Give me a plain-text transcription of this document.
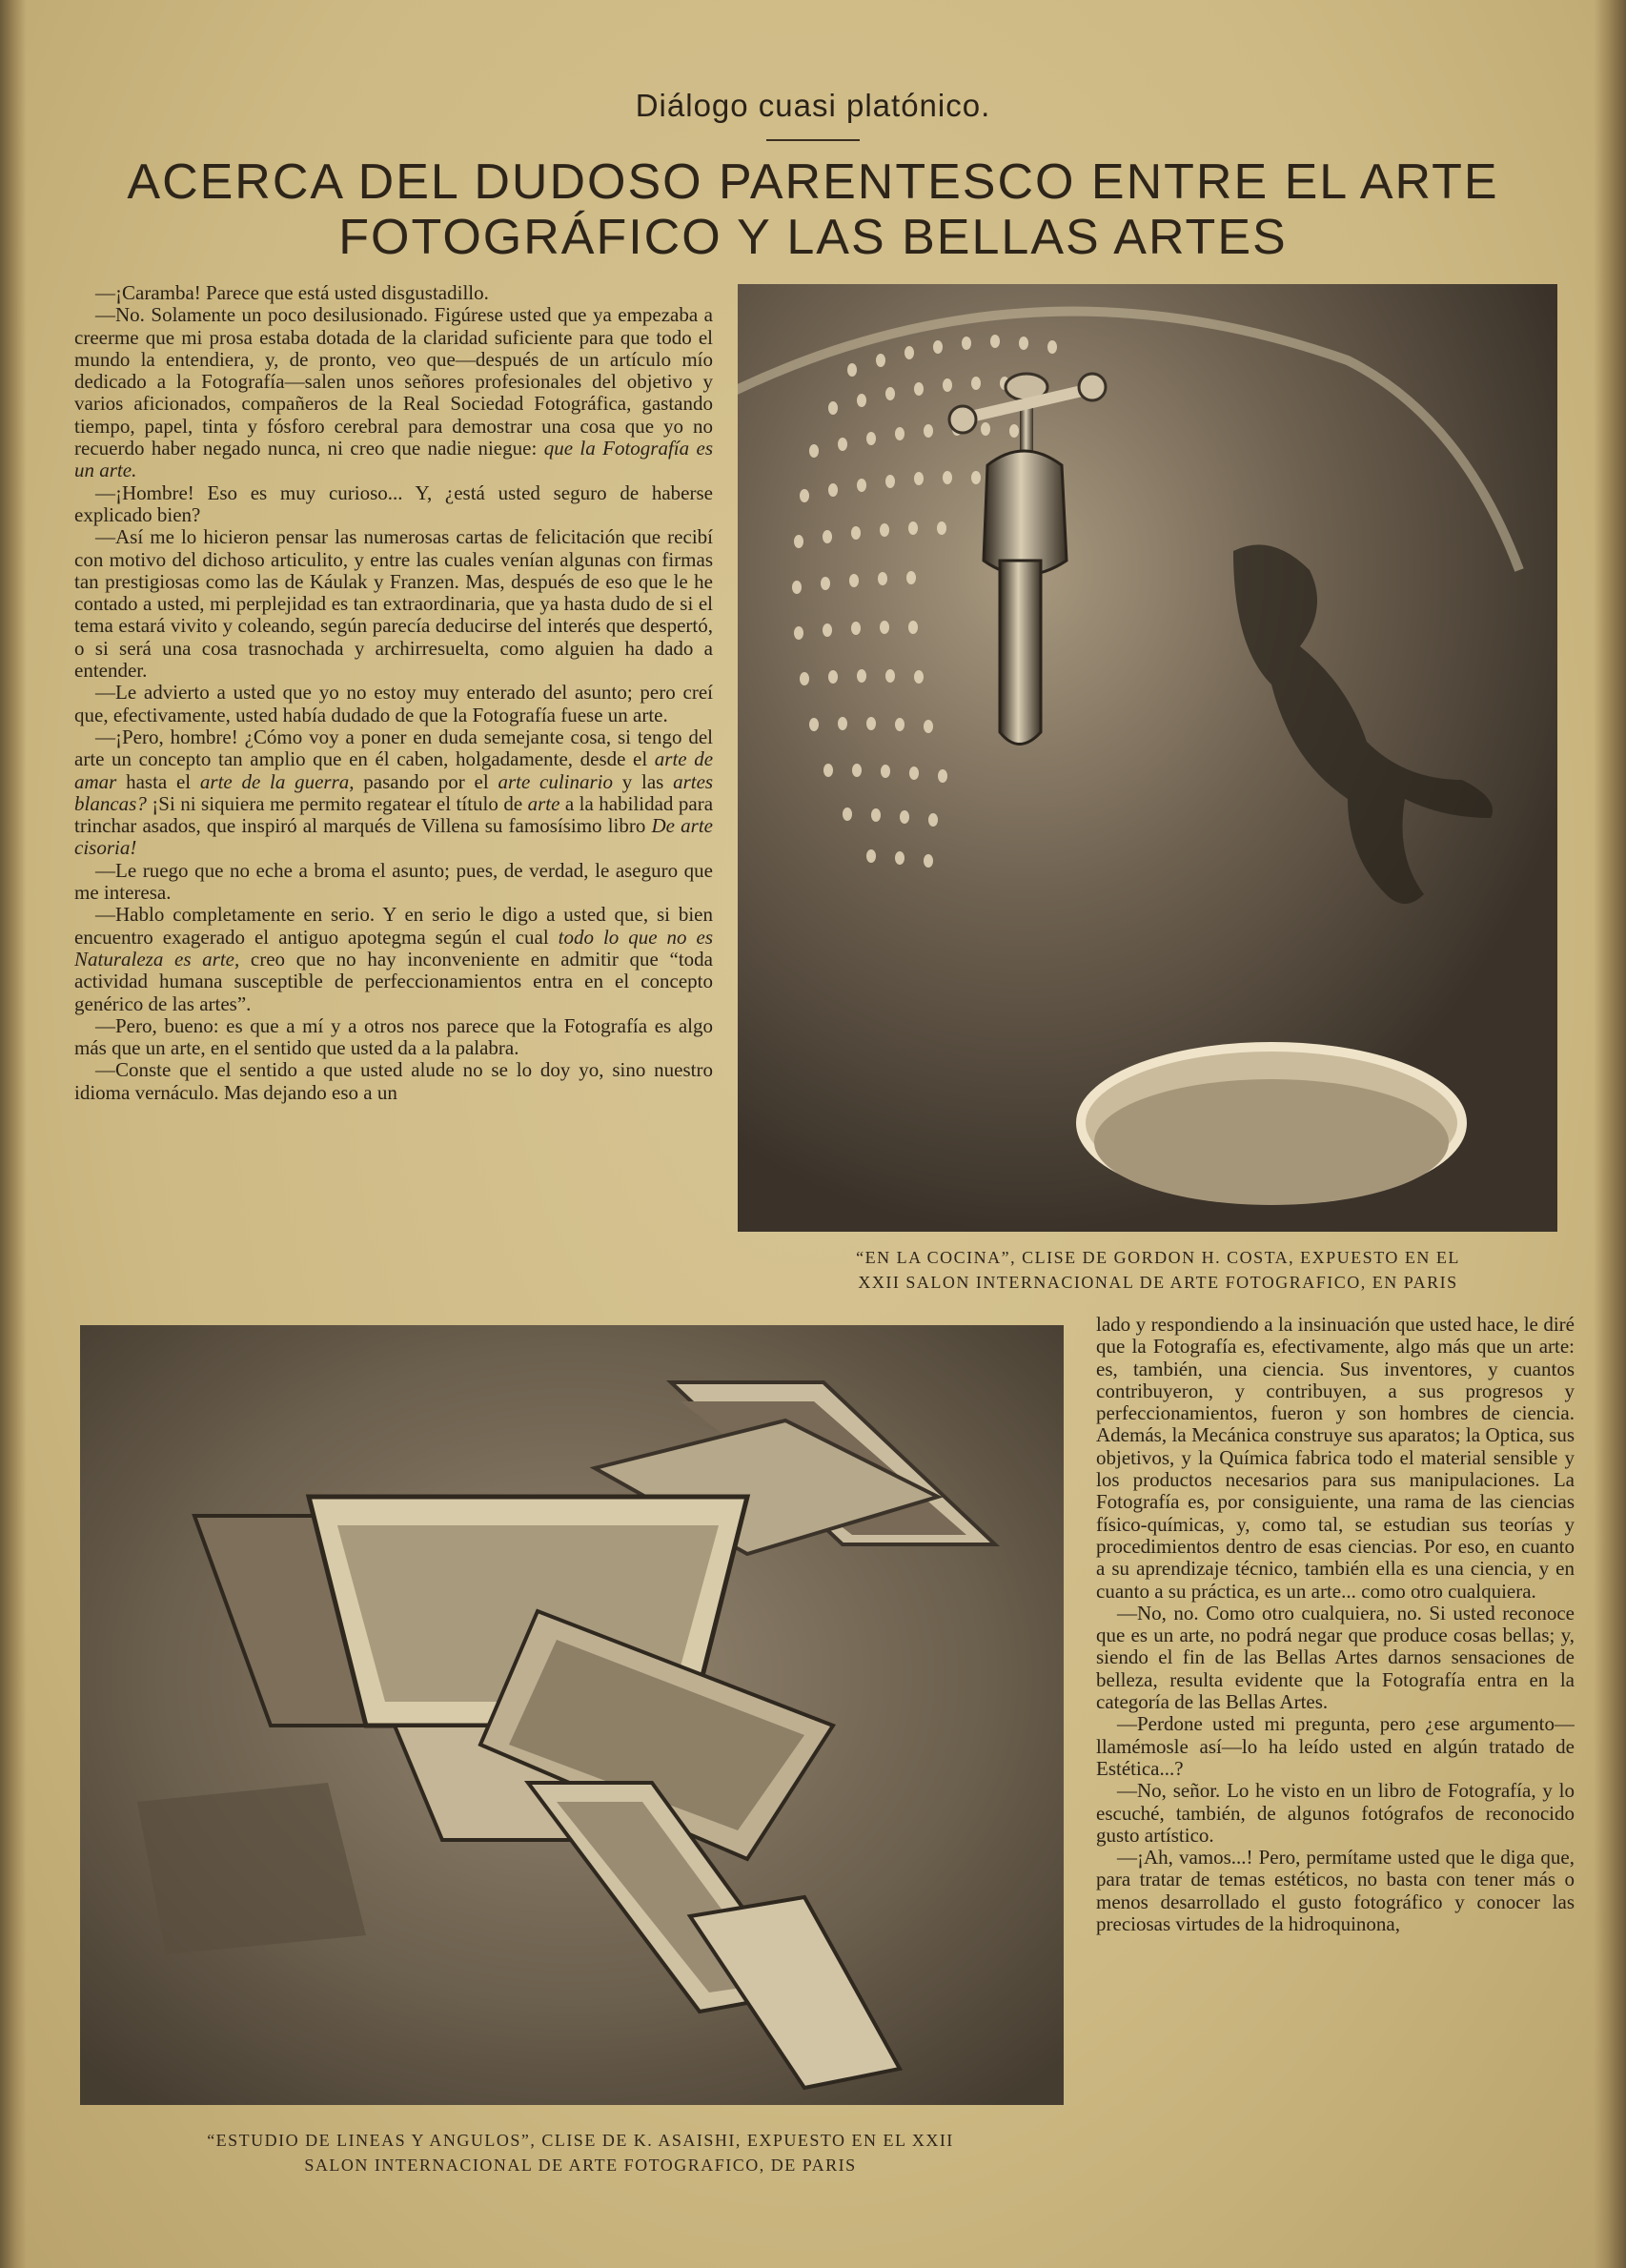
Diálogo cuasi platónico.
ACERCA DEL DUDOSO PARENTESCO ENTRE EL ARTE
FOTOGRÁFICO Y LAS BELLAS ARTES

—¡Caramba! Parece que está usted disgustadillo.

—No. Solamente un poco desilusionado. Figúrese usted que ya empezaba a creerme que mi prosa estaba dotada de la claridad suficiente para que todo el mundo la entendiera, y, de pronto, veo que—después de un artículo mío dedicado a la Fotografía—salen unos señores profesionales del objetivo y varios aficionados, compañeros de la Real Sociedad Fotográfica, gastando tiempo, papel, tinta y fósforo cerebral para demostrar una cosa que yo no recuerdo haber negado nunca, ni creo que nadie niegue: que la Fotografía es un arte.

—¡Hombre! Eso es muy curioso... Y, ¿está usted seguro de haberse explicado bien?

—Así me lo hicieron pensar las numerosas cartas de felicitación que recibí con motivo del dichoso articulito, y entre las cuales venían algunas con firmas tan prestigiosas como las de Káulak y Franzen. Mas, después de eso que le he contado a usted, mi perplejidad es tan extraordinaria, que ya hasta dudo de si el tema estará vivito y coleando, según parecía deducirse del interés que despertó, o si será una cosa trasnochada y archirresuelta, como alguien ha dado a entender.

—Le advierto a usted que yo no estoy muy enterado del asunto; pero creí que, efectivamente, usted había dudado de que la Fotografía fuese un arte.

—¡Pero, hombre! ¿Cómo voy a poner en duda semejante cosa, si tengo del arte un concepto tan amplio que en él caben, holgadamente, desde el arte de amar hasta el arte de la guerra, pasando por el arte culinario y las artes blancas? ¡Si ni siquiera me permito regatear el título de arte a la habilidad para trinchar asados, que inspiró al marqués de Villena su famosísimo libro De arte cisoria!

—Le ruego que no eche a broma el asunto; pues, de verdad, le aseguro que me interesa.

—Hablo completamente en serio. Y en serio le digo a usted que, si bien encuentro exagerado el antiguo apotegma según el cual todo lo que no es Naturaleza es arte, creo que no hay inconveniente en admitir que “toda actividad humana susceptible de perfeccionamientos entra en el concepto genérico de las artes”.

—Pero, bueno: es que a mí y a otros nos parece que la Fotografía es algo más que un arte, en el sentido que usted da a la palabra.

—Conste que el sentido a que usted alude no se lo doy yo, sino nuestro idioma vernáculo. Mas dejando eso a un

“EN LA COCINA”, CLISE DE GORDON H. COSTA, EXPUESTO EN EL
XXII SALON INTERNACIONAL DE ARTE FOTOGRAFICO, EN PARIS
“ESTUDIO DE LINEAS Y ANGULOS”, CLISE DE K. ASAISHI, EXPUESTO EN EL XXII
SALON INTERNACIONAL DE ARTE FOTOGRAFICO, DE PARIS

lado y respondiendo a la insinuación que usted hace, le diré que la Fotografía es, efectivamente, algo más que un arte: es, también, una ciencia. Sus inventores, y cuantos contribuyeron, y contribuyen, a sus progresos y perfeccionamientos, fueron y son hombres de ciencia. Además, la Mecánica construye sus aparatos; la Optica, sus objetivos, y la Química fabrica todo el material sensible y los productos necesarios para sus manipulaciones. La Fotografía es, por consiguiente, una rama de las ciencias físico-químicas, y, como tal, se estudian sus teorías y procedimientos dentro de esas ciencias. Por eso, en cuanto a su aprendizaje técnico, también ella es una ciencia, y en cuanto a su práctica, es un arte... como otro cualquiera.

—No, no. Como otro cualquiera, no. Si usted reconoce que es un arte, no podrá negar que produce cosas bellas; y, siendo el fin de las Bellas Artes darnos sensaciones de belleza, resulta evidente que la Fotografía entra en la categoría de las Bellas Artes.

—Perdone usted mi pregunta, pero ¿ese argumento—llamémosle así—lo ha leído usted en algún tratado de Estética...?

—No, señor. Lo he visto en un libro de Fotografía, y lo escuché, también, de algunos fotógrafos de reconocido gusto artístico.

—¡Ah, vamos...! Pero, permítame usted que le diga que, para tratar de temas estéticos, no basta con tener más o menos desarrollado el gusto fotográfico y conocer las preciosas virtudes de la hidroquinona,
